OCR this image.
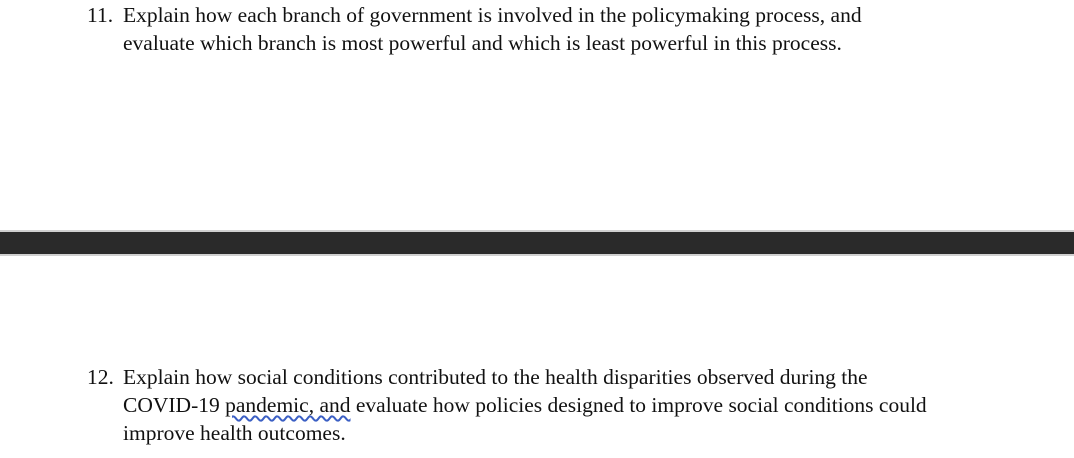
11. Explain how each branch of government is involved in the policymaking process, and
evaluate which branch is most powerful and which is least powerful in this process.
12. Explain how social conditions contributed to the health disparities observed during the
COVID-19 pandemic, and evaluate how policies designed to improve social conditions could
improve health outcomes.
